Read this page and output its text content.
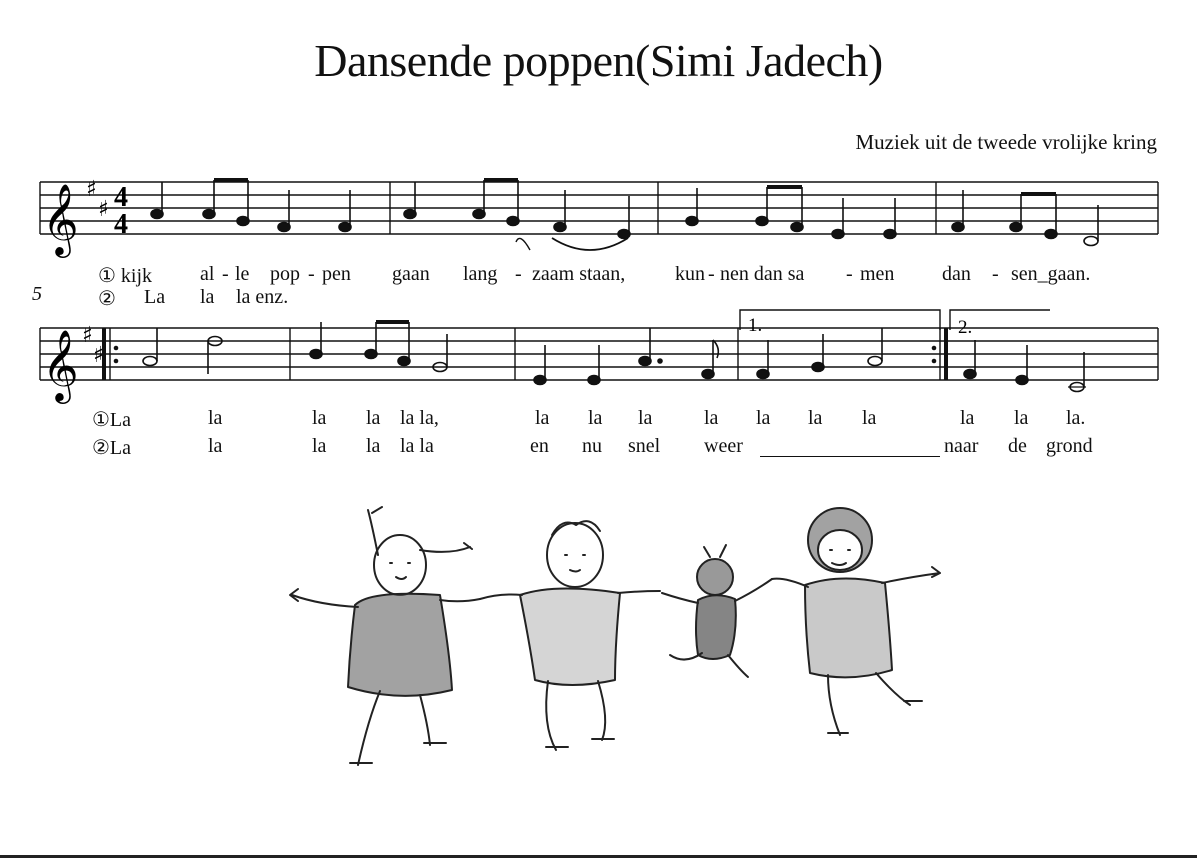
Dansende poppen(Simi Jadech)
Muziek uit de tweede vrolijke kring
𝄞 ♯
♯ 4
4
𝄞 ♯
♯
1.	2.
5
① kijk al - le pop - pen gaan lang - zaam staan, kun - nen dan sa - men dan - sen_gaan.
② La la la enz.
①La	la	la la la la,	la la la	la la la la	la la la.
②La	la	la la la la	en nu snel weer	naar de grond
